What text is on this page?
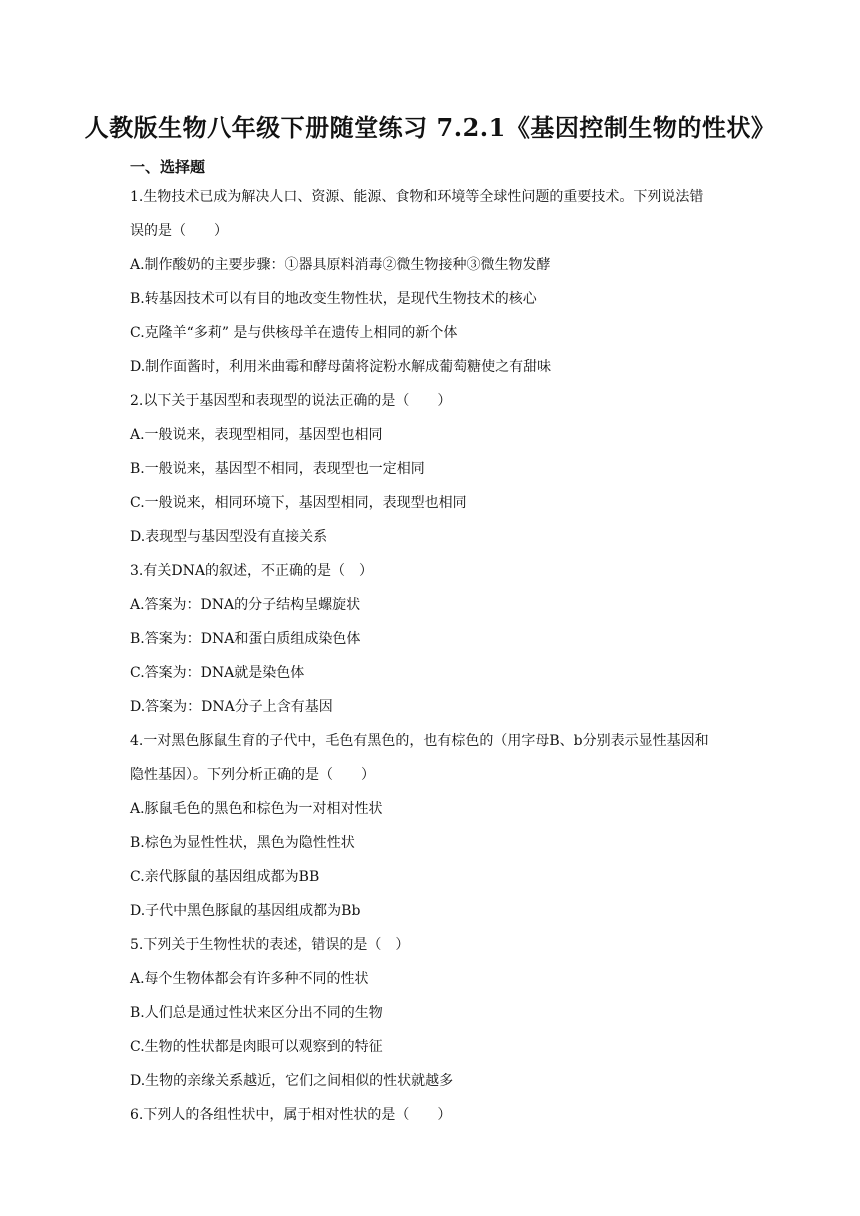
人教版生物八年级下册随堂练习 7.2.1《基因控制生物的性状》
一、选择题
1.生物技术已成为解决人口、资源、能源、食物和环境等全球性问题的重要技术。下列说法错
误的是（　　）
A.制作酸奶的主要步骤：①器具原料消毒②微生物接种③微生物发酵
B.转基因技术可以有目的地改变生物性状，是现代生物技术的核心
C.克隆羊“多莉” 是与供核母羊在遗传上相同的新个体
D.制作面酱时，利用米曲霉和酵母菌将淀粉水解成葡萄糖使之有甜味
2.以下关于基因型和表现型的说法正确的是（　　）
A.一般说来，表现型相同，基因型也相同
B.一般说来，基因型不相同，表现型也一定相同
C.一般说来，相同环境下，基因型相同，表现型也相同
D.表现型与基因型没有直接关系
3.有关DNA的叙述，不正确的是（　）
A.答案为：DNA的分子结构呈螺旋状
B.答案为：DNA和蛋白质组成染色体
C.答案为：DNA就是染色体
D.答案为：DNA分子上含有基因
4.一对黑色豚鼠生育的子代中，毛色有黑色的，也有棕色的（用字母B、b分别表示显性基因和
隐性基因）。下列分析正确的是（　　）
A.豚鼠毛色的黑色和棕色为一对相对性状
B.棕色为显性性状，黑色为隐性性状
C.亲代豚鼠的基因组成都为BB
D.子代中黑色豚鼠的基因组成都为Bb
5.下列关于生物性状的表述，错误的是（　）
A.每个生物体都会有许多种不同的性状
B.人们总是通过性状来区分出不同的生物
C.生物的性状都是肉眼可以观察到的特征
D.生物的亲缘关系越近，它们之间相似的性状就越多
6.下列人的各组性状中，属于相对性状的是（　　）
